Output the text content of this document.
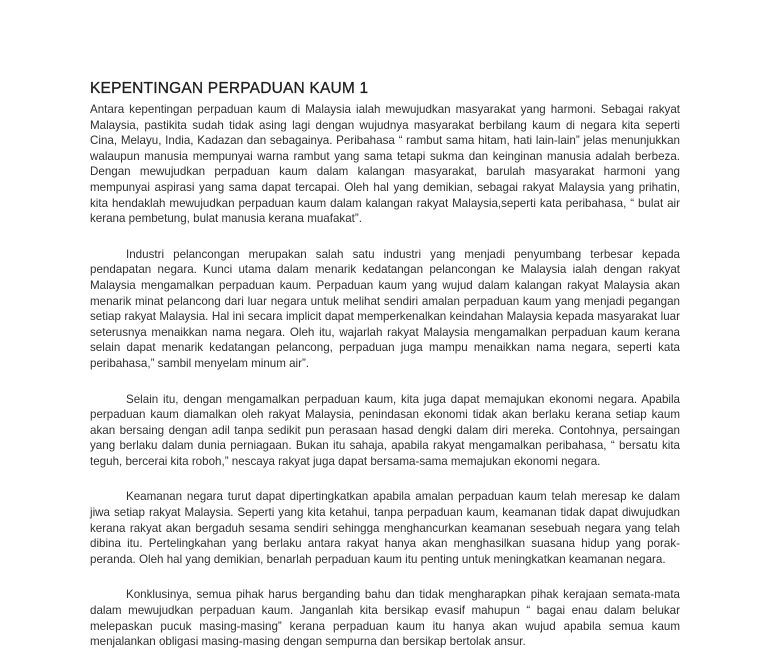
KEPENTINGAN PERPADUAN KAUM 1

Antara kepentingan perpaduan kaum di Malaysia ialah mewujudkan masyarakat yang harmoni. Sebagai rakyat Malaysia, pastikita sudah tidak asing lagi dengan wujudnya masyarakat berbilang kaum di negara kita seperti Cina, Melayu, India, Kadazan dan sebagainya. Peribahasa “ rambut sama hitam, hati lain-lain” jelas menunjukkan walaupun manusia mempunyai warna rambut yang sama tetapi sukma dan keinginan manusia adalah berbeza. Dengan mewujudkan perpaduan kaum dalam kalangan masyarakat, barulah masyarakat harmoni yang mempunyai aspirasi yang sama dapat tercapai. Oleh hal yang demikian, sebagai rakyat Malaysia yang prihatin, kita hendaklah mewujudkan perpaduan kaum dalam kalangan rakyat Malaysia,seperti kata peribahasa, “ bulat air kerana pembetung, bulat manusia kerana muafakat”.

Industri pelancongan merupakan salah satu industri yang menjadi penyumbang terbesar kepada pendapatan negara. Kunci utama dalam menarik kedatangan pelancongan ke Malaysia ialah dengan rakyat Malaysia mengamalkan perpaduan kaum. Perpaduan kaum yang wujud dalam kalangan rakyat Malaysia akan menarik minat pelancong dari luar negara untuk melihat sendiri amalan perpaduan kaum yang menjadi pegangan setiap rakyat Malaysia. Hal ini secara implicit dapat memperkenalkan keindahan Malaysia kepada masyarakat luar seterusnya menaikkan nama negara. Oleh itu, wajarlah rakyat Malaysia mengamalkan perpaduan kaum kerana selain dapat menarik kedatangan pelancong, perpaduan juga mampu menaikkan nama negara, seperti kata peribahasa,” sambil menyelam minum air”.

Selain itu, dengan mengamalkan perpaduan kaum, kita juga dapat memajukan ekonomi negara. Apabila perpaduan kaum diamalkan oleh rakyat Malaysia, penindasan ekonomi tidak akan berlaku kerana setiap kaum akan bersaing dengan adil tanpa sedikit pun perasaan hasad dengki dalam diri mereka. Contohnya, persaingan yang berlaku dalam dunia perniagaan. Bukan itu sahaja, apabila rakyat mengamalkan peribahasa, “ bersatu kita teguh, bercerai kita roboh,” nescaya rakyat juga dapat bersama-sama memajukan ekonomi negara.

Keamanan negara turut dapat dipertingkatkan apabila amalan perpaduan kaum telah meresap ke dalam jiwa setiap rakyat Malaysia. Seperti yang kita ketahui, tanpa perpaduan kaum, keamanan tidak dapat diwujudkan kerana rakyat akan bergaduh sesama sendiri sehingga menghancurkan keamanan sesebuah negara yang telah dibina itu. Pertelingkahan yang berlaku antara rakyat hanya akan menghasilkan suasana hidup yang porak-peranda. Oleh hal yang demikian, benarlah perpaduan kaum itu penting untuk meningkatkan keamanan negara.

Konklusinya, semua pihak harus berganding bahu dan tidak mengharapkan pihak kerajaan semata-mata dalam mewujudkan perpaduan kaum. Janganlah kita bersikap evasif mahupun “ bagai enau dalam belukar melepaskan pucuk masing-masing” kerana perpaduan kaum itu hanya akan wujud apabila semua kaum menjalankan obligasi masing-masing dengan sempurna dan bersikap bertolak ansur.
